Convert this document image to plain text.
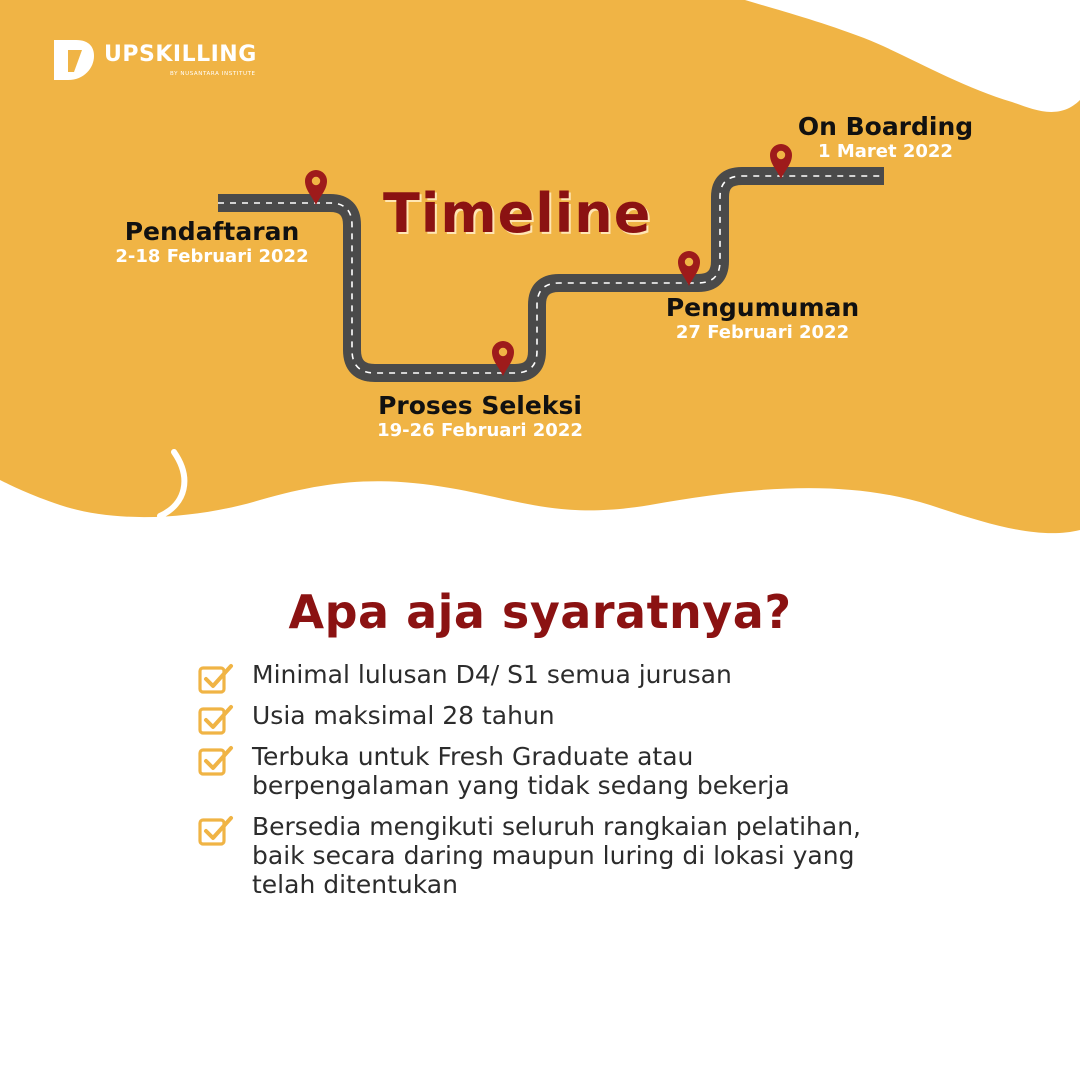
UPSKILLING
BY NUSANTARA INSTITUTE
Timeline
Pendaftaran
2-18 Februari 2022
Proses Seleksi
19-26 Februari 2022
Pengumuman
27 Februari 2022
On Boarding
1 Maret 2022
Apa aja syaratnya?
Minimal lulusan D4/ S1 semua jurusan
Usia maksimal 28 tahun
Terbuka untuk Fresh Graduate atau
berpengalaman yang tidak sedang bekerja
Bersedia mengikuti seluruh rangkaian pelatihan,
baik secara daring maupun luring di lokasi yang
telah ditentukan
